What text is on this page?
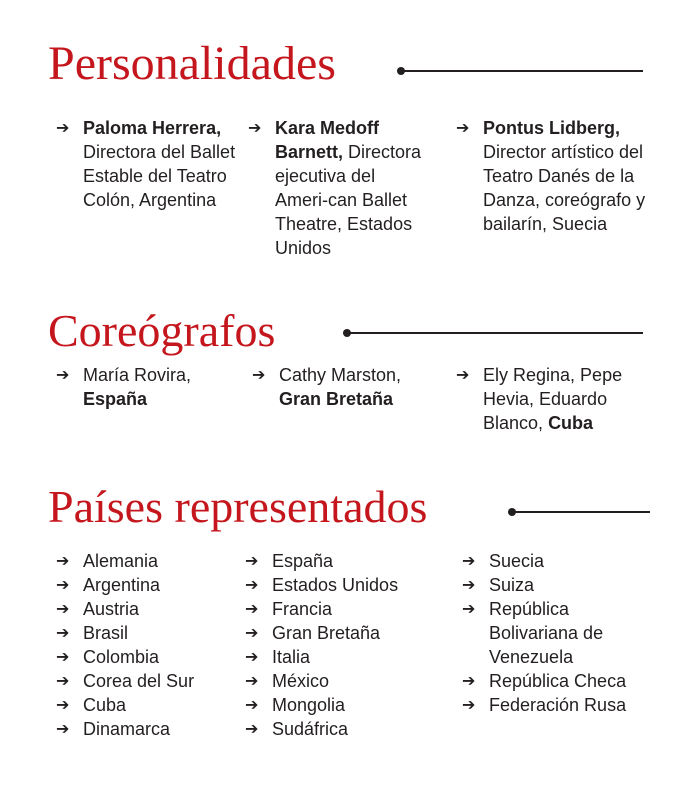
Personalidades
➔ Paloma Herrera, Directora del Ballet Estable del Teatro Colón, Argentina
➔ Kara Medoff Barnett, Directora ejecutiva del Ameri-can Ballet Theatre, Estados Unidos
➔ Pontus Lidberg, Director artístico del Teatro Danés de la Danza, coreógrafo y bailarín, Suecia
Coreógrafos
➔ María Rovira, España
➔ Cathy Marston, Gran Bretaña
➔ Ely Regina, Pepe Hevia, Eduardo Blanco, Cuba
Países representados
➔ Alemania
➔ Argentina
➔ Austria
➔ Brasil
➔ Colombia
➔ Corea del Sur
➔ Cuba
➔ Dinamarca
➔ España
➔ Estados Unidos
➔ Francia
➔ Gran Bretaña
➔ Italia
➔ México
➔ Mongolia
➔ Sudáfrica
➔ Suecia
➔ Suiza
➔ República Bolivariana de Venezuela
➔ República Checa
➔ Federación Rusa
